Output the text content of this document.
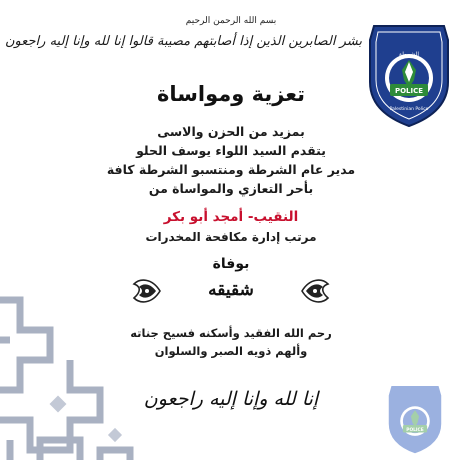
POLICE
الشرطة
Palestinian Police
POLICE
بسم الله الرحمن الرحيم
بشر الصابرين الذين إذا أصابتهم مصيبة قالوا إنا لله وإنا إليه راجعون
تعزية ومواساة
بمزيد من الحزن والاسى
يتقدم السيد اللواء يوسف الحلو
مدير عام الشرطة ومنتسبو الشرطة كافة
بأحر التعازي والمواساة من
النقيب- أمجد أبو بكر
مرتب إدارة مكافحة المخدرات
بوفاة
شقيقه
رحم الله الفقيد وأسكنه فسيح جناته
وألهم ذويه الصبر والسلوان
إنا لله وإنا إليه راجعون
